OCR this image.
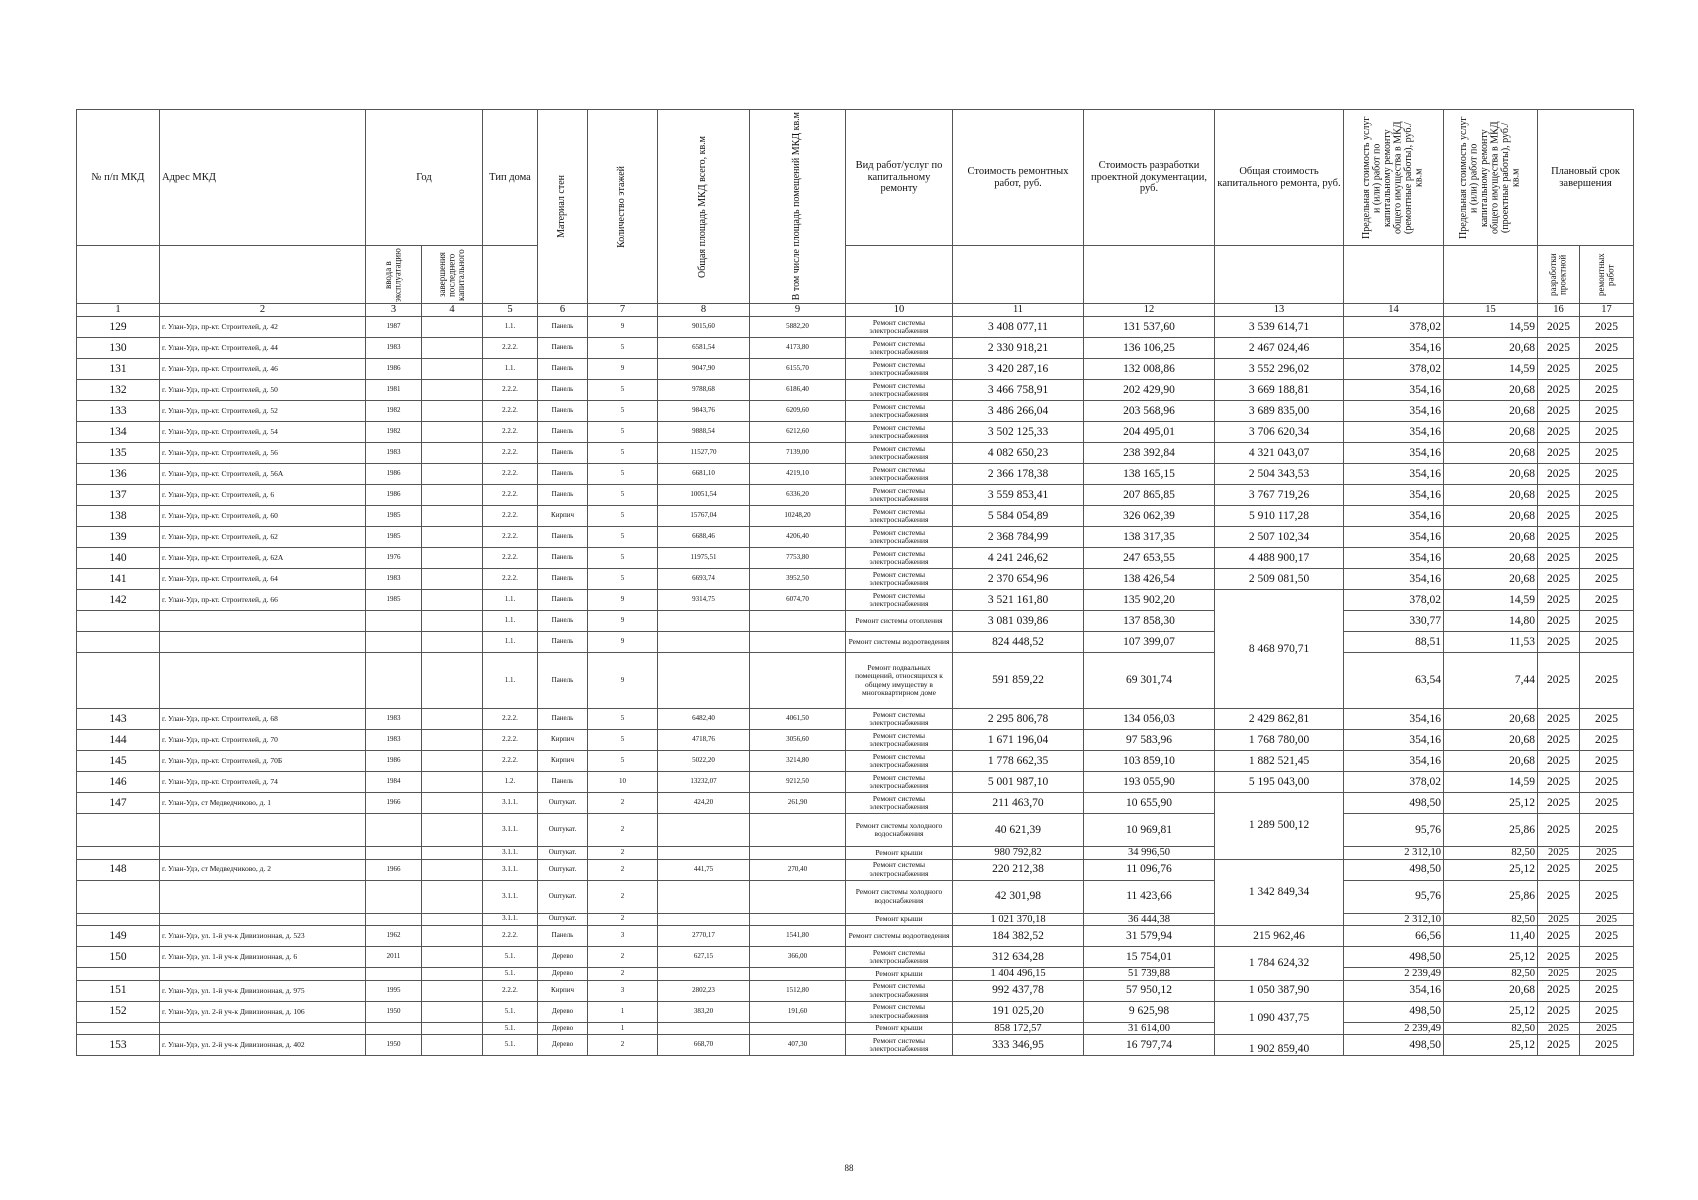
№ п/п МКД	Адрес МКД	Год		Тип дома	Материал стен	Количество этажей	Общая площадь МКД всего, кв.м	В том числе площадь помещений МКД кв.м	Вид работ/услуг по капитальному ремонту	Стоимость ремонтных работ, руб.	Стоимость разработки проектной документации, руб.	Общая стоимость капитального ремонта, руб.	Предельная стоимость услуг и (или) работ по капитальному ремонту общего имущества в МКД (ремонтные работы), руб./кв.м	Предельная стоимость услуг и (или) работ по капитальному ремонту общего имущества в МКД (проектные работы), руб./кв.м	Плановый срок завершения	

		ввода в эксплуатацию	завершения последнего капитального												разработки проектной	ремонтных работ

1	2	3	4	5	6	7	8	9	10	11	12	13	14	15	16	17
129	г. Улан-Удэ, пр-кт. Строителей, д. 42	1987		1.1.	Панель	9	9015,60	5882,20	Ремонт системы электроснабжения	3 408 077,11	131 537,60	3 539 614,71	378,02	14,59	2025	2025
130	г. Улан-Удэ, пр-кт. Строителей, д. 44	1983		2.2.2.	Панель	5	6581,54	4173,80	Ремонт системы электроснабжения	2 330 918,21	136 106,25	2 467 024,46	354,16	20,68	2025	2025
131	г. Улан-Удэ, пр-кт. Строителей, д. 46	1986		1.1.	Панель	9	9047,90	6155,70	Ремонт системы электроснабжения	3 420 287,16	132 008,86	3 552 296,02	378,02	14,59	2025	2025
132	г. Улан-Удэ, пр-кт. Строителей, д. 50	1981		2.2.2.	Панель	5	9788,68	6186,40	Ремонт системы электроснабжения	3 466 758,91	202 429,90	3 669 188,81	354,16	20,68	2025	2025
133	г. Улан-Удэ, пр-кт. Строителей, д. 52	1982		2.2.2.	Панель	5	9843,76	6209,60	Ремонт системы электроснабжения	3 486 266,04	203 568,96	3 689 835,00	354,16	20,68	2025	2025
134	г. Улан-Удэ, пр-кт. Строителей, д. 54	1982		2.2.2.	Панель	5	9888,54	6212,60	Ремонт системы электроснабжения	3 502 125,33	204 495,01	3 706 620,34	354,16	20,68	2025	2025
135	г. Улан-Удэ, пр-кт. Строителей, д. 56	1983		2.2.2.	Панель	5	11527,70	7139,00	Ремонт системы электроснабжения	4 082 650,23	238 392,84	4 321 043,07	354,16	20,68	2025	2025
136	г. Улан-Удэ, пр-кт. Строителей, д. 56А	1986		2.2.2.	Панель	5	6681,10	4219,10	Ремонт системы электроснабжения	2 366 178,38	138 165,15	2 504 343,53	354,16	20,68	2025	2025
137	г. Улан-Удэ, пр-кт. Строителей, д. 6	1986		2.2.2.	Панель	5	10051,54	6336,20	Ремонт системы электроснабжения	3 559 853,41	207 865,85	3 767 719,26	354,16	20,68	2025	2025
138	г. Улан-Удэ, пр-кт. Строителей, д. 60	1985		2.2.2.	Кирпич	5	15767,04	10248,20	Ремонт системы электроснабжения	5 584 054,89	326 062,39	5 910 117,28	354,16	20,68	2025	2025
139	г. Улан-Удэ, пр-кт. Строителей, д. 62	1985		2.2.2.	Панель	5	6688,46	4206,40	Ремонт системы электроснабжения	2 368 784,99	138 317,35	2 507 102,34	354,16	20,68	2025	2025
140	г. Улан-Удэ, пр-кт. Строителей, д. 62А	1976		2.2.2.	Панель	5	11975,51	7753,80	Ремонт системы электроснабжения	4 241 246,62	247 653,55	4 488 900,17	354,16	20,68	2025	2025
141	г. Улан-Удэ, пр-кт. Строителей, д. 64	1983		2.2.2.	Панель	5	6693,74	3952,50	Ремонт системы электроснабжения	2 370 654,96	138 426,54	2 509 081,50	354,16	20,68	2025	2025
142	г. Улан-Удэ, пр-кт. Строителей, д. 66	1985		1.1.	Панель	9	9314,75	6074,70	Ремонт системы электроснабжения	3 521 161,80	135 902,20	8 468 970,71	378,02	14,59	2025	2025
				1.1.	Панель	9			Ремонт системы отопления	3 081 039,86	137 858,30		330,77	14,80	2025	2025
				1.1.	Панель	9			Ремонт системы водоотведения	824 448,52	107 399,07		88,51	11,53	2025	2025
				1.1.	Панель	9			Ремонт подвальных помещений, относящихся к общему имуществу в многоквартирном доме	591 859,22	69 301,74		63,54	7,44	2025	2025
143	г. Улан-Удэ, пр-кт. Строителей, д. 68	1983		2.2.2.	Панель	5	6482,40	4061,50	Ремонт системы электроснабжения	2 295 806,78	134 056,03	2 429 862,81	354,16	20,68	2025	2025
144	г. Улан-Удэ, пр-кт. Строителей, д. 70	1983		2.2.2.	Кирпич	5	4718,76	3056,60	Ремонт системы электроснабжения	1 671 196,04	97 583,96	1 768 780,00	354,16	20,68	2025	2025
145	г. Улан-Удэ, пр-кт. Строителей, д. 70Б	1986		2.2.2.	Кирпич	5	5022,20	3214,80	Ремонт системы электроснабжения	1 778 662,35	103 859,10	1 882 521,45	354,16	20,68	2025	2025
146	г. Улан-Удэ, пр-кт. Строителей, д. 74	1984		1.2.	Панель	10	13232,07	9212,50	Ремонт системы электроснабжения	5 001 987,10	193 055,90	5 195 043,00	378,02	14,59	2025	2025
147	г. Улан-Удэ, ст Медведчиково, д. 1	1966		3.1.1.	Оштукат.	2	424,20	261,90	Ремонт системы электроснабжения	211 463,70	10 655,90	1 289 500,12	498,50	25,12	2025	2025
				3.1.1.	Оштукат.	2			Ремонт системы холодного водоснабжения	40 621,39	10 969,81		95,76	25,86	2025	2025
				3.1.1.	Оштукат.	2			Ремонт крыши	980 792,82	34 996,50		2 312,10	82,50	2025	2025
148	г. Улан-Удэ, ст Медведчиково, д. 2	1966		3.1.1.	Оштукат.	2	441,75	270,40	Ремонт системы электроснабжения	220 212,38	11 096,76	1 342 849,34	498,50	25,12	2025	2025
				3.1.1.	Оштукат.	2			Ремонт системы холодного водоснабжения	42 301,98	11 423,66		95,76	25,86	2025	2025
				3.1.1.	Оштукат.	2			Ремонт крыши	1 021 370,18	36 444,38		2 312,10	82,50	2025	2025
149	г. Улан-Удэ, ул. 1-й уч-к Дивизионная, д. 523	1962		2.2.2.	Панель	3	2770,17	1541,80	Ремонт системы водоотведения	184 382,52	31 579,94	215 962,46	66,56	11,40	2025	2025
150	г. Улан-Удэ, ул. 1-й уч-к Дивизионная, д. 6	2011		5.1.	Дерево	2	627,15	366,00	Ремонт системы электроснабжения	312 634,28	15 754,01	1 784 624,32	498,50	25,12	2025	2025
				5.1.	Дерево	2			Ремонт крыши	1 404 496,15	51 739,88		2 239,49	82,50	2025	2025
151	г. Улан-Удэ, ул. 1-й уч-к Дивизионная, д. 975	1995		2.2.2.	Кирпич	3	2802,23	1512,80	Ремонт системы электроснабжения	992 437,78	57 950,12	1 050 387,90	354,16	20,68	2025	2025
152	г. Улан-Удэ, ул. 2-й уч-к Дивизионная, д. 106	1950		5.1.	Дерево	1	383,20	191,60	Ремонт системы электроснабжения	191 025,20	9 625,98	1 090 437,75	498,50	25,12	2025	2025
				5.1.	Дерево	1			Ремонт крыши	858 172,57	31 614,00		2 239,49	82,50	2025	2025
153	г. Улан-Удэ, ул. 2-й уч-к Дивизионная, д. 402	1950		5.1.	Дерево	2	668,70	407,30	Ремонт системы электроснабжения	333 346,95	16 797,74	1 902 859,40	498,50	25,12	2025	2025
88
